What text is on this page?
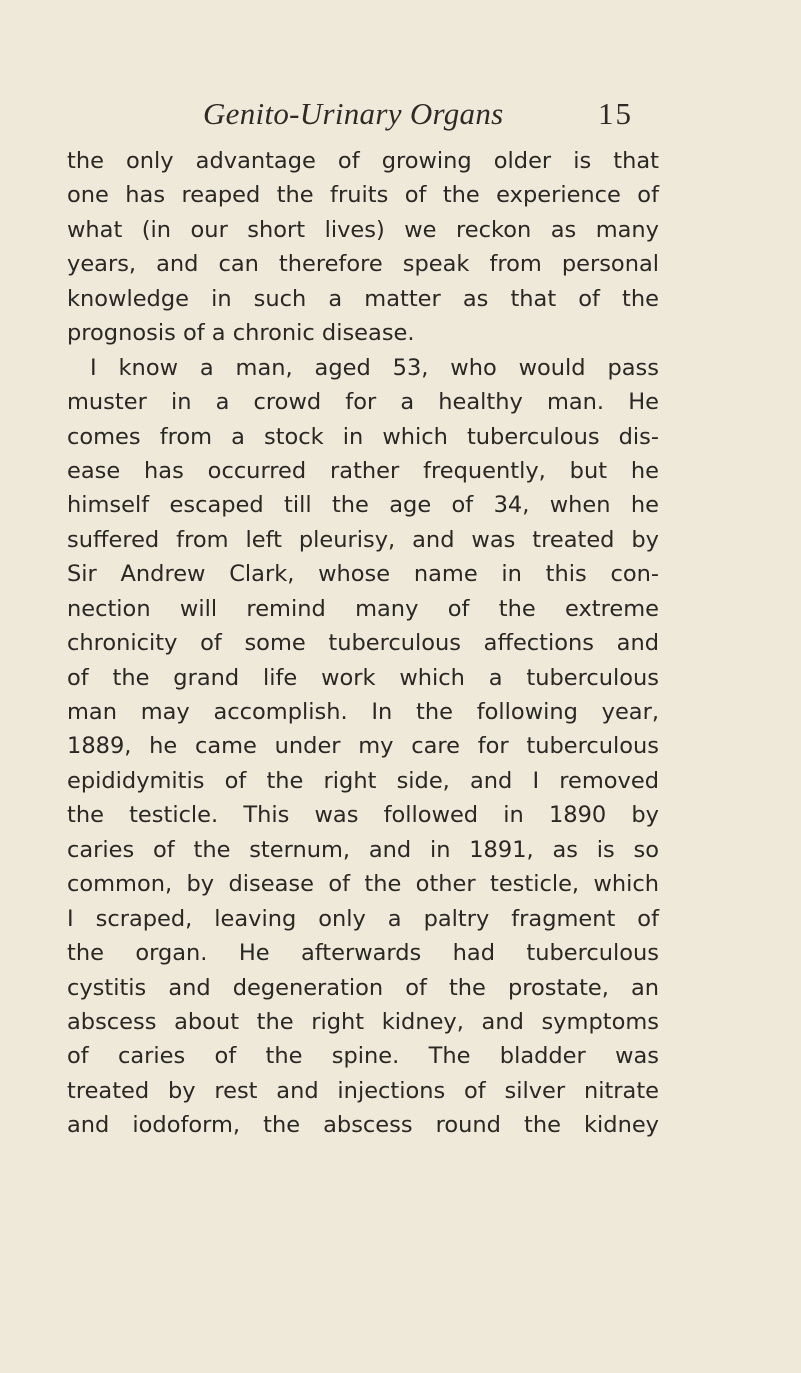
Genito-Urinary Organs	15
the only advantage of growing older is that
one has reaped the fruits of the experience of
what (in our short lives) we reckon as many
years, and can therefore speak from personal
knowledge in such a matter as that of the
prognosis of a chronic disease.
I know a man, aged 53, who would pass
muster in a crowd for a healthy man. He
comes from a stock in which tuberculous dis-
ease has occurred rather frequently, but he
himself escaped till the age of 34, when he
suffered from left pleurisy, and was treated by
Sir Andrew Clark, whose name in this con-
nection will remind many of the extreme
chronicity of some tuberculous affections and
of the grand life work which a tuberculous
man may accomplish. In the following year,
1889, he came under my care for tuberculous
epididymitis of the right side, and I removed
the testicle. This was followed in 1890 by
caries of the sternum, and in 1891, as is so
common, by disease of the other testicle, which
I scraped, leaving only a paltry fragment of
the organ. He afterwards had tuberculous
cystitis and degeneration of the prostate, an
abscess about the right kidney, and symptoms
of caries of the spine. The bladder was
treated by rest and injections of silver nitrate
and iodoform, the abscess round the kidney
